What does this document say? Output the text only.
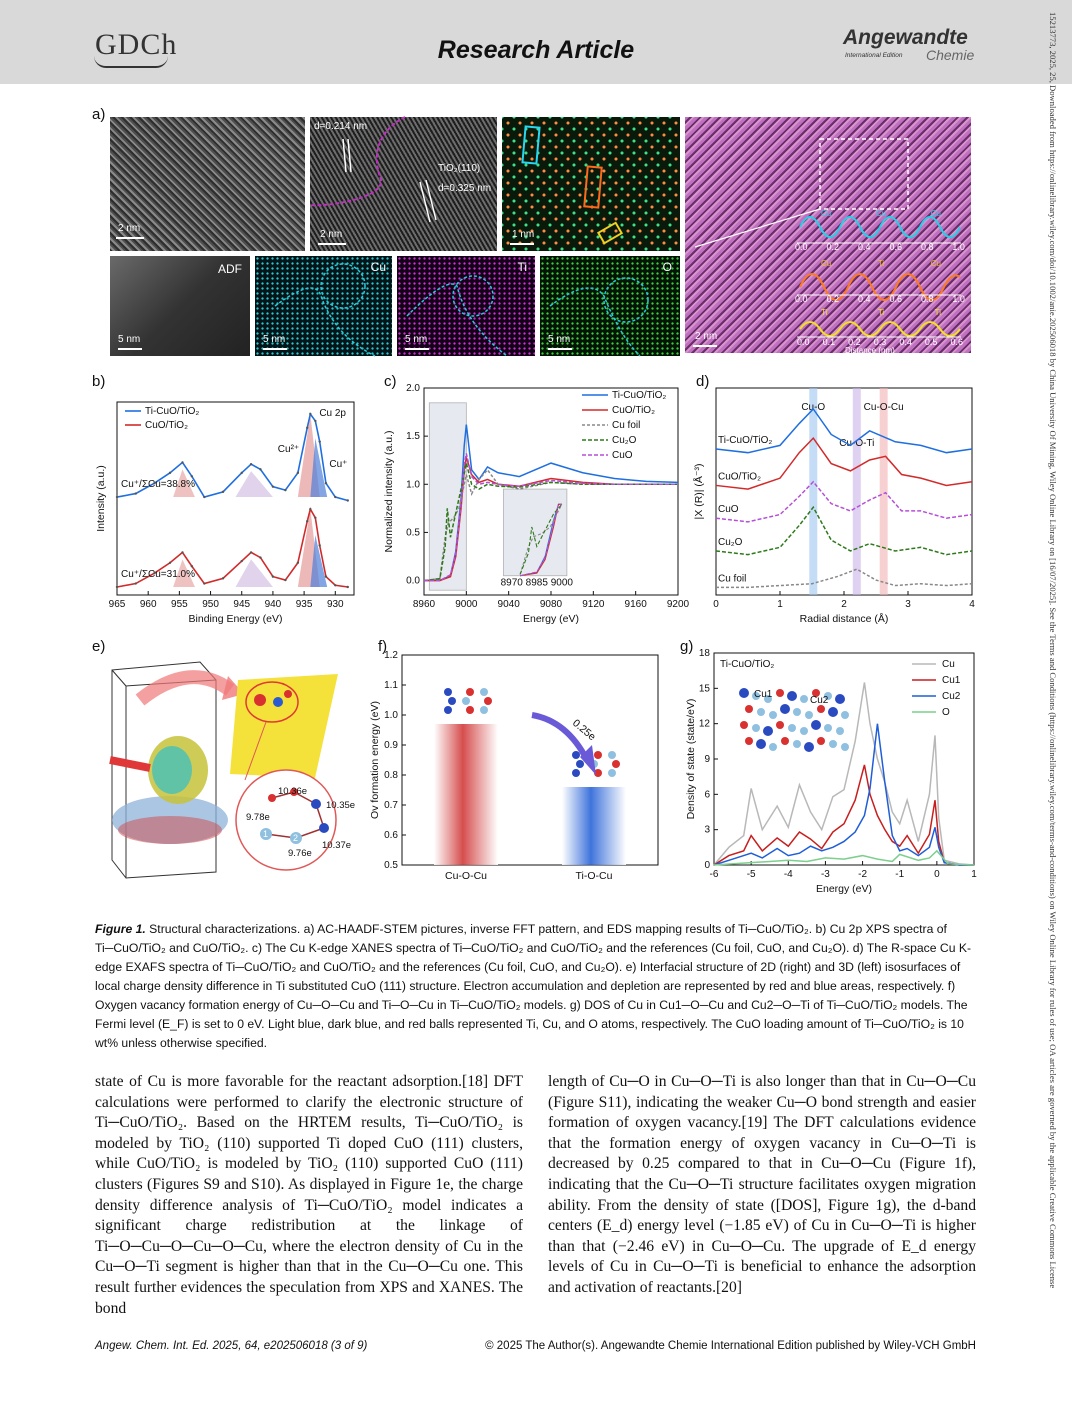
GDCh	Research Article	Angewandte
International Edition Chemie	15213773, 2025, 25, Downloaded from https://onlinelibrary.wiley.com/doi/10.1002/anie.202506018 by China University Of Mining, Wiley Online Library on [16/07/2025]. See the Terms and Conditions (https://onlinelibrary.wiley.com/terms-and-conditions) on Wiley Online Library for rules of use; OA articles are governed by the applicable Creative Commons License
a)
2 nm
d=0.214 nm
TiO₂(110)
d=0.325 nm
2 nm	1 nm
0.0 0.2 0.4 0.6 0.8 1.0
0.0 0.2 0.4 0.6 0.8 1.0
0.0 0.1 0.2 0.3 0.4 0.5 0.6
Distance (nm)
Cu	Cu	Cu
Cu	Ti	Cu
Ti	Ti	Ti
2 nm
ADF
5 nm
Cu
5 nm
Ti
5 nm
O
5 nm
b)
965 960 955 950 945 940 935 930
Binding Energy (eV)
Intensity (a.u.)
Cu 2p
Cu⁺/ΣCu=38.8%
Cu⁺/ΣCu=31.0%
Ti-CuO/TiO₂
CuO/TiO₂
Cu²⁺
Cu⁺
c)
8960 9000 9040 9080 9120 9160 9200
0.0
0.5
1.0
1.5
2.0
Energy (eV)
Normalized intensity (a.u.)
8970 8985 9000
Ti-CuO/TiO₂
CuO/TiO₂
Cu foil
Cu₂O
CuO
d)
Cu-O
Cu-O-Ti
Cu-O-Cu
0	1	2	3	4
Radial distance (Å)
|X (R)| (Å⁻³)
Ti-CuO/TiO₂
CuO/TiO₂
CuO
Cu₂O
Cu foil
e)
10.36e
10.35e
9.78e
9.76e
10.37e
1	2
f)
0.5
0.6
0.7
0.8
0.9
1.0
1.1
1.2
Ov formation energy (eV)
Cu-O-Cu	Ti-O-Cu
0.25e
g)
-6	-5	-4	-3	-2	-1	0	1
0
3
6
9
12
15
18
Energy (eV)
Density of state (state/eV)
Cu
Cu1
Cu2
O
Ti-CuO/TiO₂
Cu1
Cu2
Figure 1. Structural characterizations. a) AC-HAADF-STEM pictures, inverse FFT pattern, and EDS mapping results of Ti─CuO/TiO₂. b) Cu 2p XPS spectra of Ti─CuO/TiO₂ and CuO/TiO₂. c) The Cu K-edge XANES spectra of Ti─CuO/TiO₂ and CuO/TiO₂ and the references (Cu foil, CuO, and Cu₂O). d) The R-space Cu K-edge EXAFS spectra of Ti─CuO/TiO₂ and CuO/TiO₂ and the references (Cu foil, CuO, and Cu₂O). e) Interfacial structure of 2D (right) and 3D (left) isosurfaces of local charge density difference in Ti substituted CuO (111) structure. Electron accumulation and depletion are represented by red and blue areas, respectively. f) Oxygen vacancy formation energy of Cu─O─Cu and Ti─O─Cu in Ti─CuO/TiO₂ models. g) DOS of Cu in Cu1─O─Cu and Cu2─O─Ti of Ti─CuO/TiO₂ models. The Fermi level (E_F) is set to 0 eV. Light blue, dark blue, and red balls represented Ti, Cu, and O atoms, respectively. The CuO loading amount of Ti─CuO/TiO₂ is 10 wt% unless otherwise specified.

state of Cu is more favorable for the reactant adsorption.[18] DFT calculations were performed to clarify the electronic structure of Ti─CuO/TiO₂. Based on the HRTEM results, Ti─CuO/TiO₂ is modeled by TiO₂ (110) supported Ti doped CuO (111) clusters, while CuO/TiO₂ is modeled by TiO₂ (110) supported CuO (111) clusters (Figures S9 and S10). As displayed in Figure 1e, the charge density difference analysis of Ti─CuO/TiO₂ model indicates a significant charge redistribution at the linkage of Ti─O─Cu─O─Cu─O─Cu, where the electron density of Cu in the Cu─O─Ti segment is higher than that in the Cu─O─Cu one. This result further evidences the speculation from XPS and XANES. The bond

length of Cu─O in Cu─O─Ti is also longer than that in Cu─O─Cu (Figure S11), indicating the weaker Cu─O bond strength and easier formation of oxygen vacancy.[19] The DFT calculations evidence that the formation energy of oxygen vacancy in Cu─O─Ti is decreased by 0.25 compared to that in Cu─O─Cu (Figure 1f), indicating that the Cu─O─Ti structure facilitates oxygen migration ability. From the density of state ([DOS], Figure 1g), the d-band centers (E_d) energy level (−1.85 eV) of Cu in Cu─O─Ti is higher than that (−2.46 eV) in Cu─O─Cu. The upgrade of E_d energy levels of Cu in Cu─O─Ti is beneficial to enhance the adsorption and activation of reactants.[20]

Angew. Chem. Int. Ed. 2025, 64, e202506018 (3 of 9)	© 2025 The Author(s). Angewandte Chemie International Edition published by Wiley-VCH GmbH
